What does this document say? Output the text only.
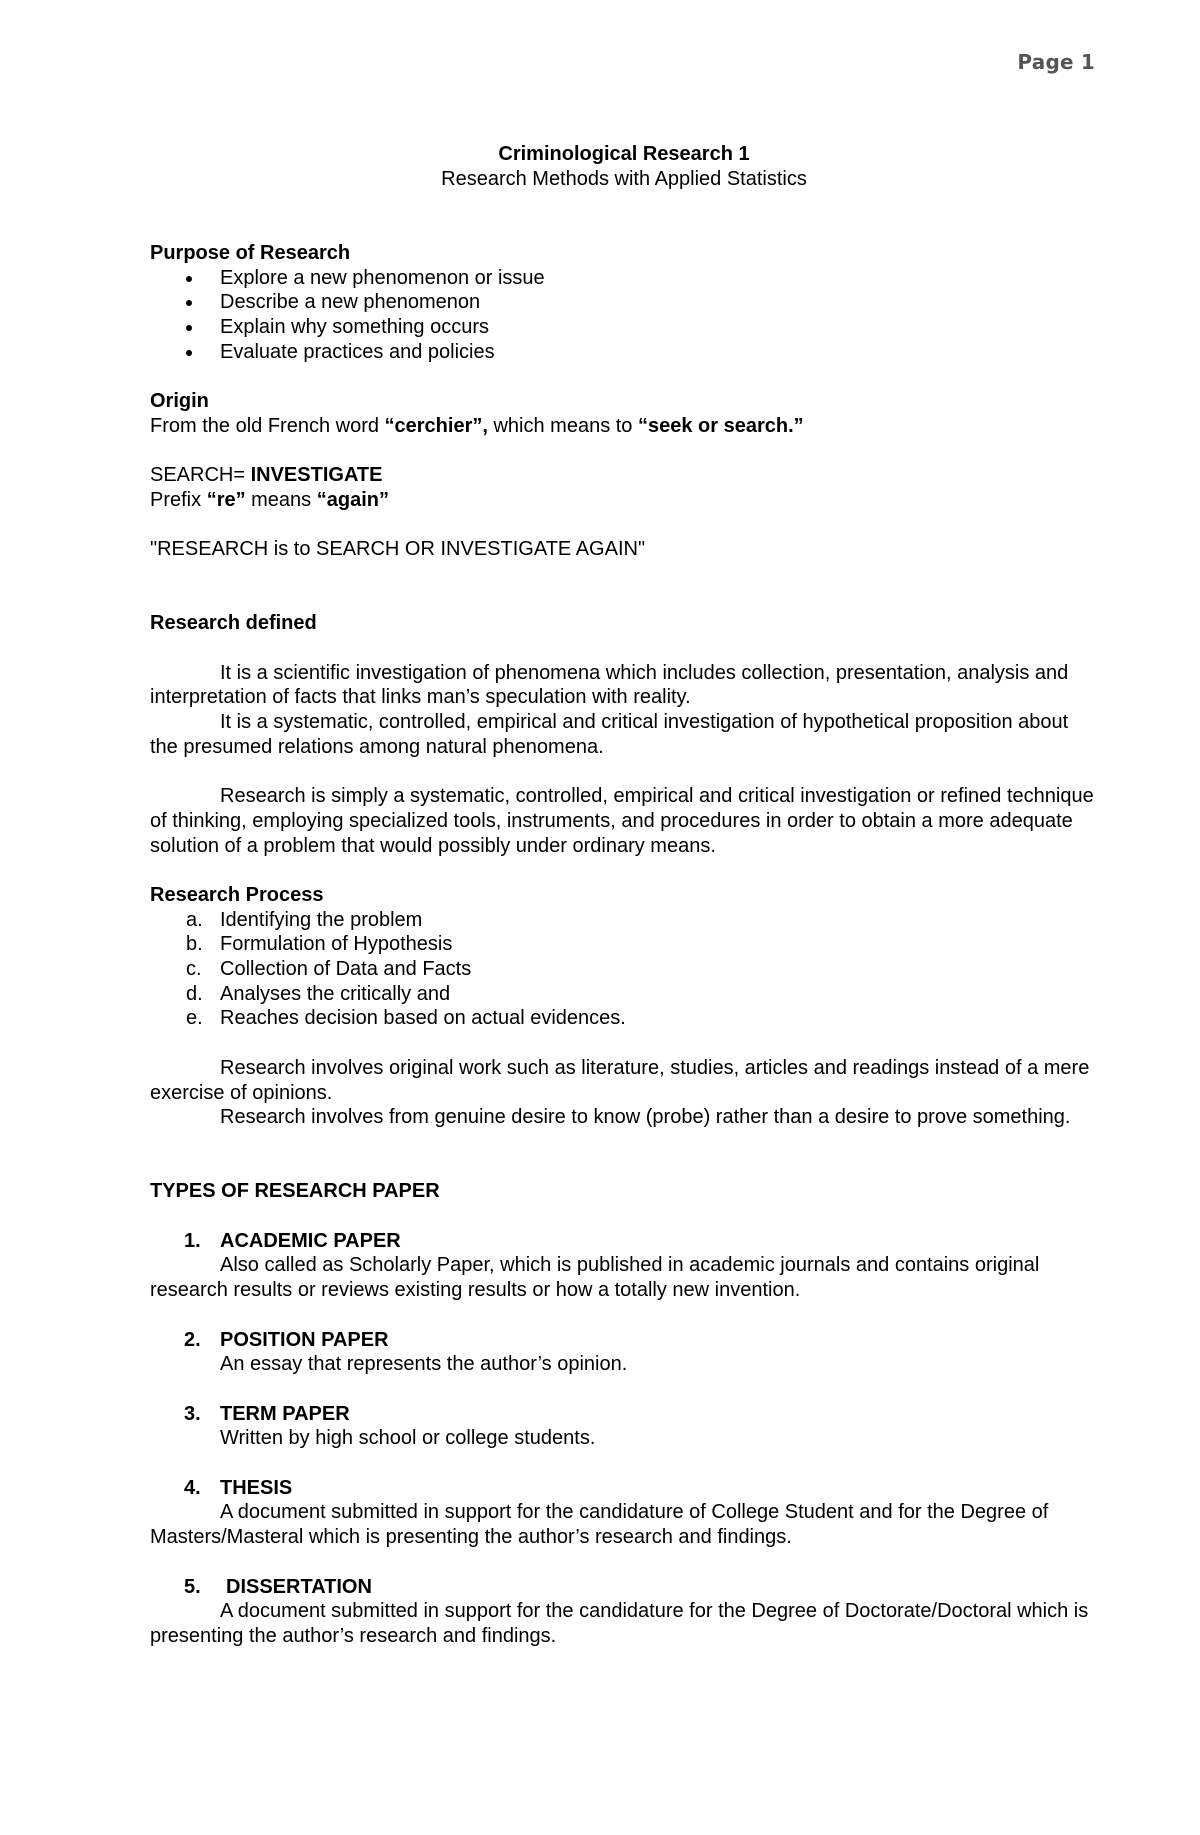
Page 1

Criminological Research 1

Research Methods with Applied Statistics

Purpose of Research

Explore a new phenomenon or issue
Describe a new phenomenon
Explain why something occurs
Evaluate practices and policies

Origin

From the old French word “cerchier”, which means to “seek or search.”

SEARCH= INVESTIGATE

Prefix “re” means “again”

"RESEARCH is to SEARCH OR INVESTIGATE AGAIN"

Research defined

It is a scientific investigation of phenomena which includes collection, presentation, analysis and interpretation of facts that links man’s speculation with reality.

It is a systematic, controlled, empirical and critical investigation of hypothetical proposition about the presumed relations among natural phenomena.

Research is simply a systematic, controlled, empirical and critical investigation or refined technique of thinking, employing specialized tools, instruments, and procedures in order to obtain a more adequate solution of a problem that would possibly under ordinary means.

Research Process

a. Identifying the problem
b. Formulation of Hypothesis
c. Collection of Data and Facts
d. Analyses the critically and
e. Reaches decision based on actual evidences.

Research involves original work such as literature, studies, articles and readings instead of a mere exercise of opinions.

Research involves from genuine desire to know (probe) rather than a desire to prove something.

TYPES OF RESEARCH PAPER

1. ACADEMIC PAPER

Also called as Scholarly Paper, which is published in academic journals and contains original research results or reviews existing results or how a totally new invention.

2. POSITION PAPER

An essay that represents the author’s opinion.

3. TERM PAPER

Written by high school or college students.

4. THESIS

A document submitted in support for the candidature of College Student and for the Degree of Masters/Masteral which is presenting the author’s research and findings.

5. DISSERTATION

A document submitted in support for the candidature for the Degree of Doctorate/Doctoral which is presenting the author’s research and findings.
